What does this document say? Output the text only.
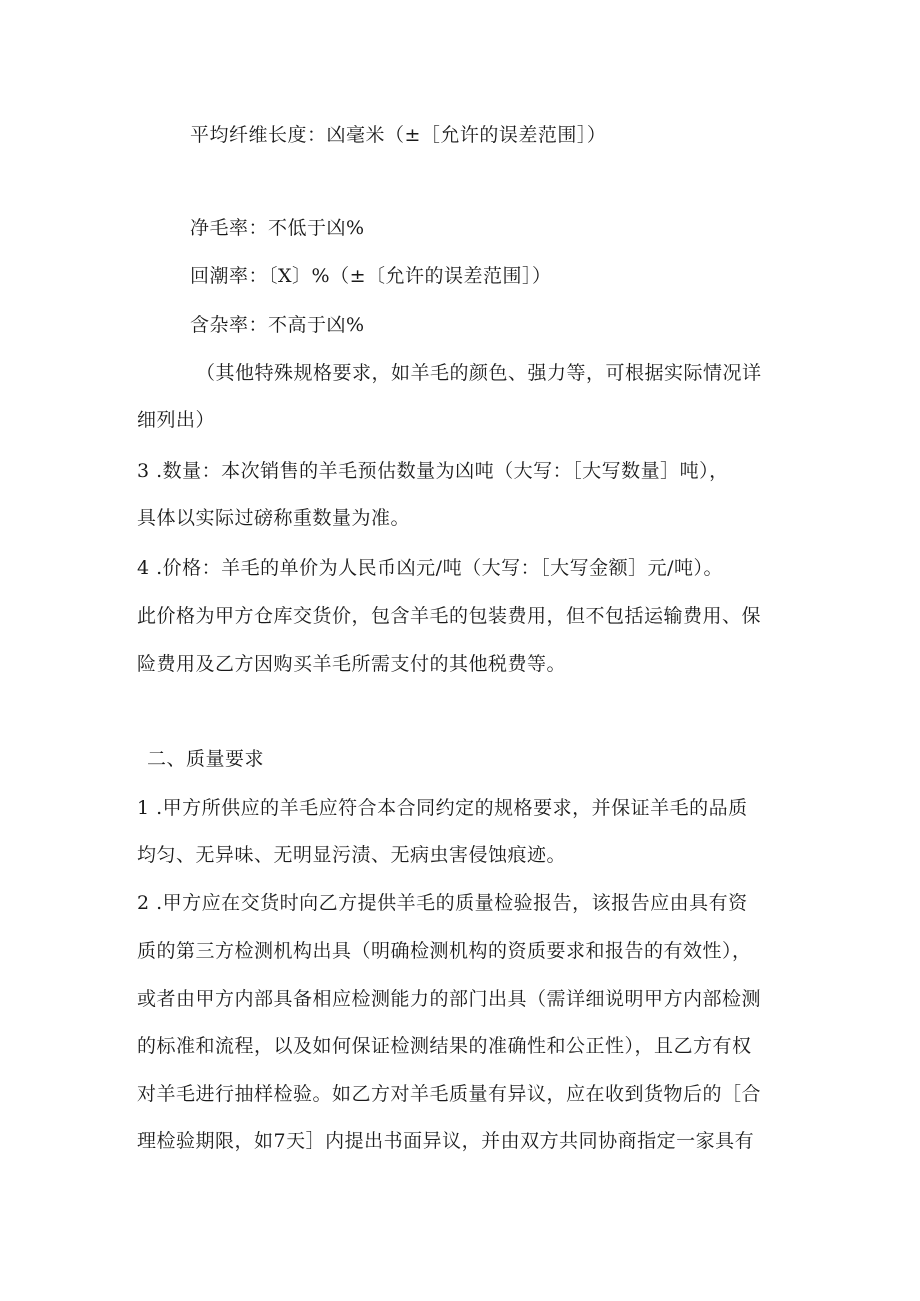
平均纤维长度：凶毫米（±［允许的误差范围］）
净毛率：不低于凶%
回潮率：〔X〕%（±〔允许的误差范围］）
含杂率：不高于凶%
（其他特殊规格要求，如羊毛的颜色、强力等，可根据实际情况详
细列出）
3 .数量：本次销售的羊毛预估数量为凶吨（大写：［大写数量］吨），
具体以实际过磅称重数量为准。
4 .价格：羊毛的单价为人民币凶元/吨（大写：［大写金额］元/吨）。
此价格为甲方仓库交货价，包含羊毛的包装费用，但不包括运输费用、保
险费用及乙方因购买羊毛所需支付的其他税费等。
二、质量要求
1 .甲方所供应的羊毛应符合本合同约定的规格要求，并保证羊毛的品质
均匀、无异味、无明显污渍、无病虫害侵蚀痕迹。
2 .甲方应在交货时向乙方提供羊毛的质量检验报告，该报告应由具有资
质的第三方检测机构出具（明确检测机构的资质要求和报告的有效性），
或者由甲方内部具备相应检测能力的部门出具（需详细说明甲方内部检测
的标准和流程，以及如何保证检测结果的准确性和公正性），且乙方有权
对羊毛进行抽样检验。如乙方对羊毛质量有异议，应在收到货物后的［合
理检验期限，如7天］内提出书面异议，并由双方共同协商指定一家具有
